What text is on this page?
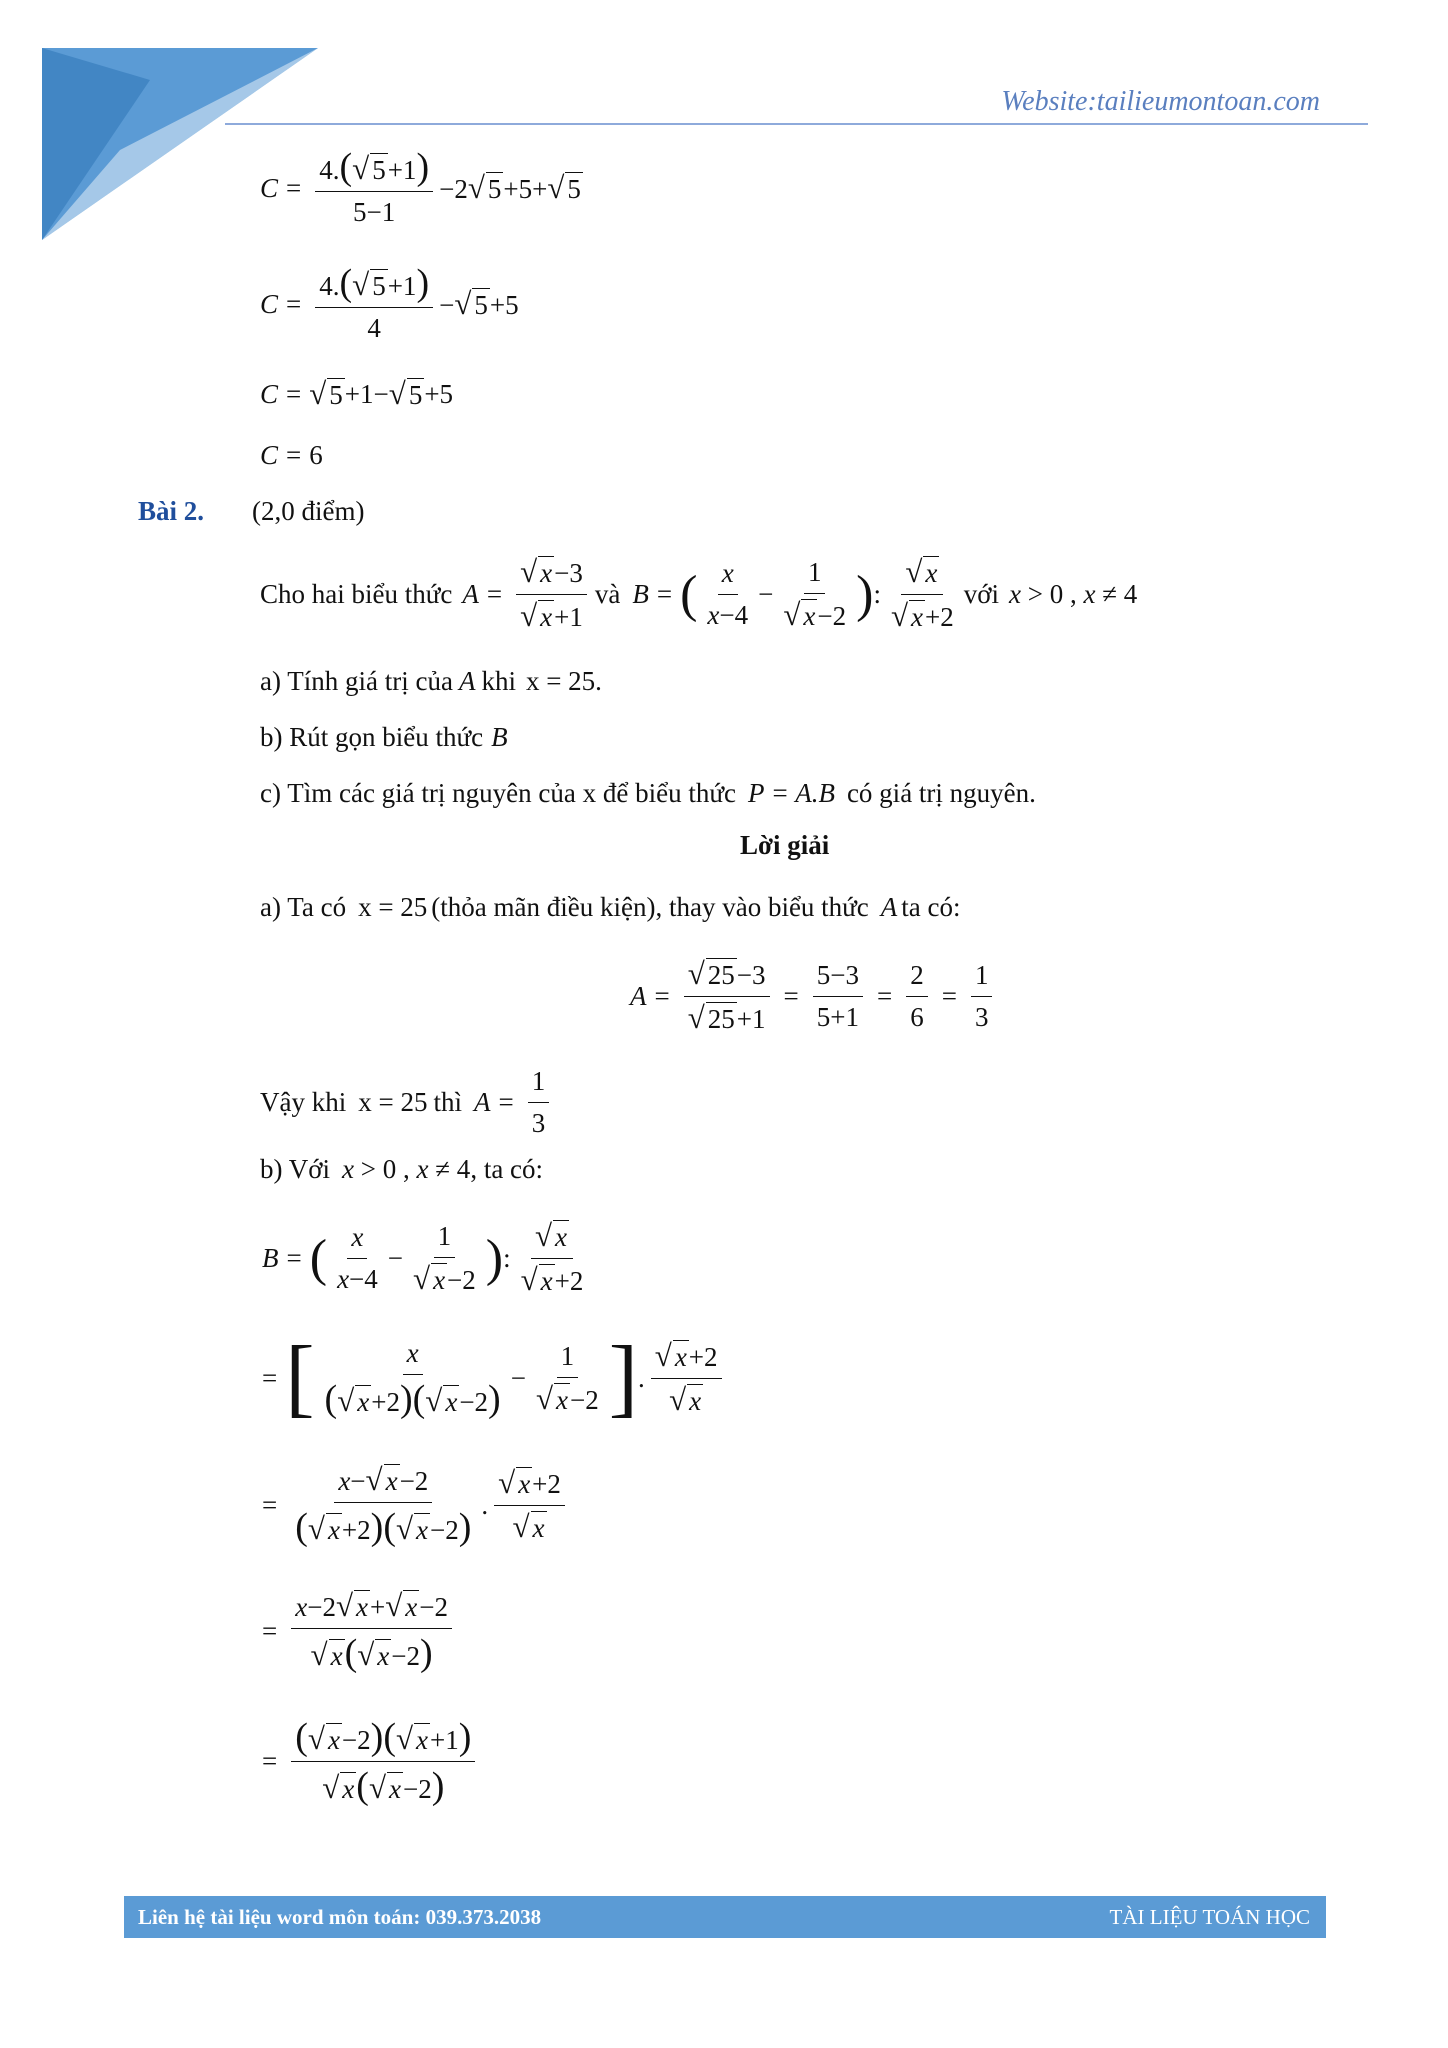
Website:tailieumontoan.com
$C = \frac{4.( √ 5 +1)}{5-1} -2$ √ 5 +5+ √ 5
$C = \frac{4.( √ 5 +1)}{4}$ − √ 5 +5
C = √ 5 +1− √ 5 +5
C = 6
Bài 2. (2,0 điểm)
Cho hai biểu thức $A = \frac{√ x -3}{√ x +1}$ và B = ( $\frac{x}{x-4} - \frac{1}{√ x -2}$ ) : $\frac{√ x}{√ x +2}$ với x > 0 , x ≠ 4
a) Tính giá trị của A khi x = 25.
b) Rút gọn biểu thức B
c) Tìm các giá trị nguyên của x để biểu thức P = A.B có giá trị nguyên.
Lời giải
a) Ta có x = 25 (thỏa mãn điều kiện), thay vào biểu thức A ta có:
$A = \frac{√ 25 -3}{√ 25 +1} = \frac{5-3}{5+1} = \frac{2}{6} = \frac{1}{3}$
Vậy khi x = 25 thì $A = \frac{1}{3}$
b) Với x > 0 , x ≠ 4 , ta có:
B = ( $\frac{x}{x-4} - \frac{1}{√ x -2}$ ) : $\frac{√ x}{√ x +2}$
= [ $\frac{x}{( √ x +2)( √ x -2)} - \frac{1}{√ x -2}$ ] . $\frac{√ x +2}{√ x}$
= $\frac{x- √ x -2}{( √ x +2)( √ x -2)}$ . $\frac{√ x +2}{√ x}$
= $\frac{x-2 √ x + √ x -2}{√ x ( √ x -2)}$
= $\frac{( √ x -2)( √ x +1)}{√ x ( √ x -2)}$
Liên hệ tài liệu word môn toán: 039.373.2038	TÀI LIỆU TOÁN HỌC
